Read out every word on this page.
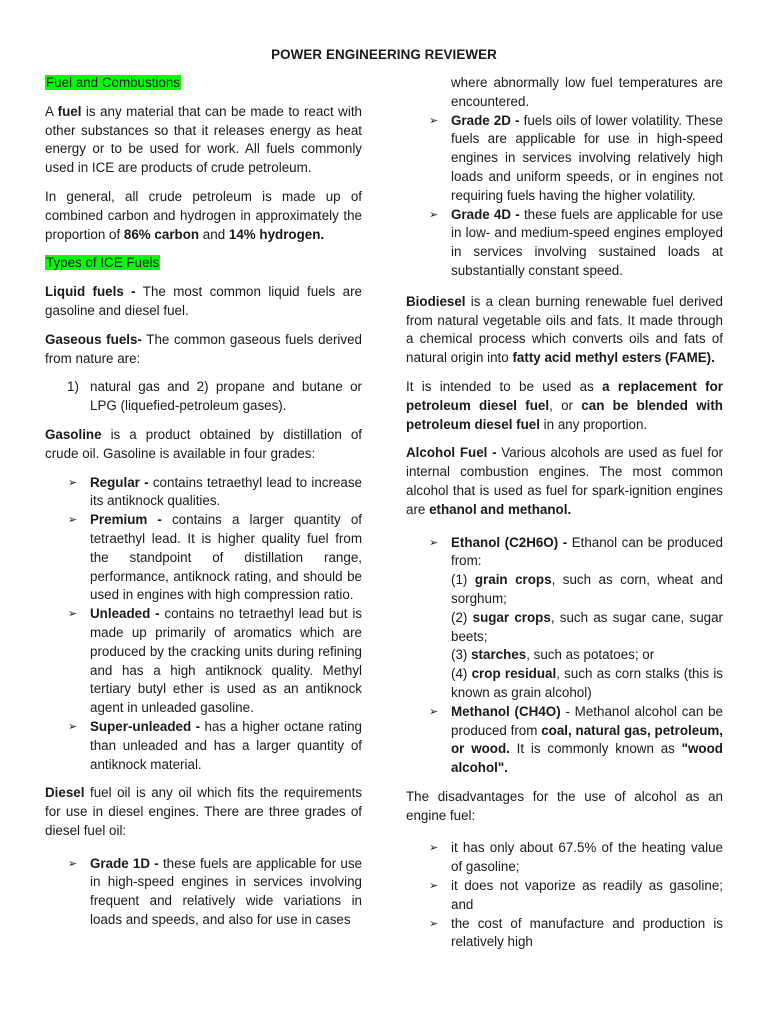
POWER ENGINEERING REVIEWER
Fuel and Combustions

A fuel is any material that can be made to react with other substances so that it releases energy as heat energy or to be used for work. All fuels commonly used in ICE are products of crude petroleum.

In general, all crude petroleum is made up of combined carbon and hydrogen in approximately the proportion of 86% carbon and 14% hydrogen.

Types of ICE Fuels

Liquid fuels - The most common liquid fuels are gasoline and diesel fuel.

Gaseous fuels- The common gaseous fuels derived from nature are:

1) natural gas and 2) propane and butane or LPG (liquefied-petroleum gases).

Gasoline is a product obtained by distillation of crude oil. Gasoline is available in four grades:

➢ Regular - contains tetraethyl lead to increase its antiknock qualities.
➢ Premium - contains a larger quantity of tetraethyl lead. It is higher quality fuel from the standpoint of distillation range, performance, antiknock rating, and should be used in engines with high compression ratio.
➢ Unleaded - contains no tetraethyl lead but is made up primarily of aromatics which are produced by the cracking units during refining and has a high antiknock quality. Methyl tertiary butyl ether is used as an antiknock agent in unleaded gasoline.
➢ Super-unleaded - has a higher octane rating than unleaded and has a larger quantity of antiknock material.

Diesel fuel oil is any oil which fits the requirements for use in diesel engines. There are three grades of diesel fuel oil:

➢ Grade 1D - these fuels are applicable for use in high-speed engines in services involving frequent and relatively wide variations in loads and speeds, and also for use in cases
where abnormally low fuel temperatures are encountered.
➢ Grade 2D - fuels oils of lower volatility. These fuels are applicable for use in high-speed engines in services involving relatively high loads and uniform speeds, or in engines not requiring fuels having the higher volatility.
➢ Grade 4D - these fuels are applicable for use in low- and medium-speed engines employed in services involving sustained loads at substantially constant speed.

Biodiesel is a clean burning renewable fuel derived from natural vegetable oils and fats. It made through a chemical process which converts oils and fats of natural origin into fatty acid methyl esters (FAME).

It is intended to be used as a replacement for petroleum diesel fuel, or can be blended with petroleum diesel fuel in any proportion.

Alcohol Fuel - Various alcohols are used as fuel for internal combustion engines. The most common alcohol that is used as fuel for spark-ignition engines are ethanol and methanol.

➢ Ethanol (C2H6O) - Ethanol can be produced from:
(1) grain crops, such as corn, wheat and sorghum;
(2) sugar crops, such as sugar cane, sugar beets;
(3) starches, such as potatoes; or
(4) crop residual, such as corn stalks (this is known as grain alcohol)
➢ Methanol (CH4O) - Methanol alcohol can be produced from coal, natural gas, petroleum, or wood. It is commonly known as "wood alcohol".

The disadvantages for the use of alcohol as an engine fuel:

➢ it has only about 67.5% of the heating value of gasoline;
➢ it does not vaporize as readily as gasoline; and
➢ the cost of manufacture and production is relatively high
